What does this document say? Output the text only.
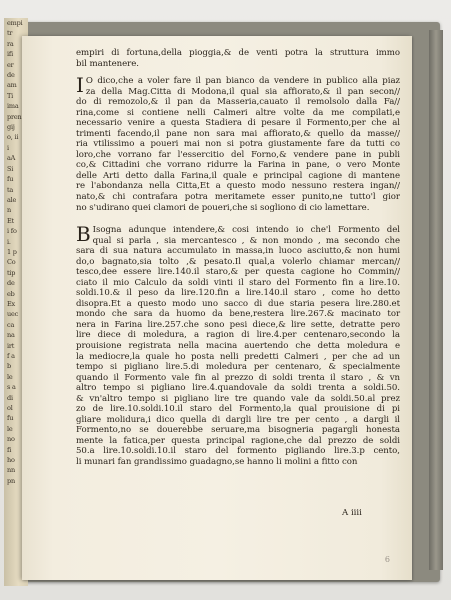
empi
tr
ra
ifi
er
de
am
Ti
ima
pren
gij
o, ii
i
aA
Si
fu
ta
ale
n
Et
i fo
i.
1 p
Co
tip
de
eb
Ex
uec
ca
na
irt
f a
b
le
s a
di
ol
fu
le
no
fi
ho
nn
pn
empiri di fortuna,della pioggia,& de venti potra la struttura immo
bil mantenere.
I O dico,che a voler fare il pan bianco da vendere in publico alla piaz
za della Mag.Citta di Modona,il qual sia affiorato,& il pan secon//
do di remozolo,& il pan da Masseria,cauato il remolsolo dalla Fa//
rina,come si contiene nelli Calmeri altre volte da me compilati,e
necessario venire a questa Stadiera di pesare il Formento,per che al
trimenti facendo,il pane non sara mai affiorato,& quello da masse//
ria vtilissimo a poueri mai non si potra giustamente fare da tutti co
loro,che vorrano far l'essercitio del Forno,& vendere pane in publi
co,& Cittadini che vorrano ridurre la Farina in pane, o vero Monte
delle Arti detto dalla Farina,il quale e principal cagione di mantene
re l'abondanza nella Citta,Et a questo modo nessuno restera ingan//
nato,& chi contrafara potra meritamete esser punito,ne tutto'l gior
no s'udirano quei clamori de poueri,che si sogliono di cio lamettare.
B Isogna adunque intendere,& cosi intendo io che'l Formento del
qual si parla , sia mercantesco , & non mondo , ma secondo che
sara di sua natura accumulato in massa,in luoco asciutto,& non humi
do,o bagnato,sia tolto ,& pesato.Il qual,a volerlo chiamar mercan//
tesco,dee essere lire.140.il staro,& per questa cagione ho Commin//
ciato il mio Calculo da soldi vinti il staro del Formento fin a lire.10.
soldi.10.& il peso da lire.120.fin a lire.140.il staro , come ho detto
disopra.Et a questo modo uno sacco di due staria pesera lire.280.et
mondo che sara da huomo da bene,restera lire.267.& macinato tor
nera in Farina lire.257.che sono pesi diece,& lire sette, detratte pero
lire diece di moledura, a ragion di lire.4.per centenaro,secondo la
prouisione registrata nella macina auertendo che detta moledura e
la mediocre,la quale ho posta nelli predetti Calmeri , per che ad un
tempo si pigliano lire.5.di moledura per centenaro, & specialmente
quando il Formento vale fin al prezzo di soldi trenta il staro , & vn
altro tempo si pigliano lire.4.quandovale da soldi trenta a soldi.50.
& vn'altro tempo si pigliano lire tre quando vale da soldi.50.al prez
zo de lire.10.soldi.10.il staro del Formento,la qual prouisione di pi
gliare molidura,i dico quella di dargli lire tre per cento , a dargli il
Formento,no se douerebbe seruare,ma bisogneria pagargli honesta
mente la fatica,per questa principal ragione,che dal prezzo de soldi
50.a lire.10.soldi.10.il staro del formento pigliando lire.3.p cento,
li munari fan grandissimo guadagno,se hanno li molini a fitto con
A iiii
6
